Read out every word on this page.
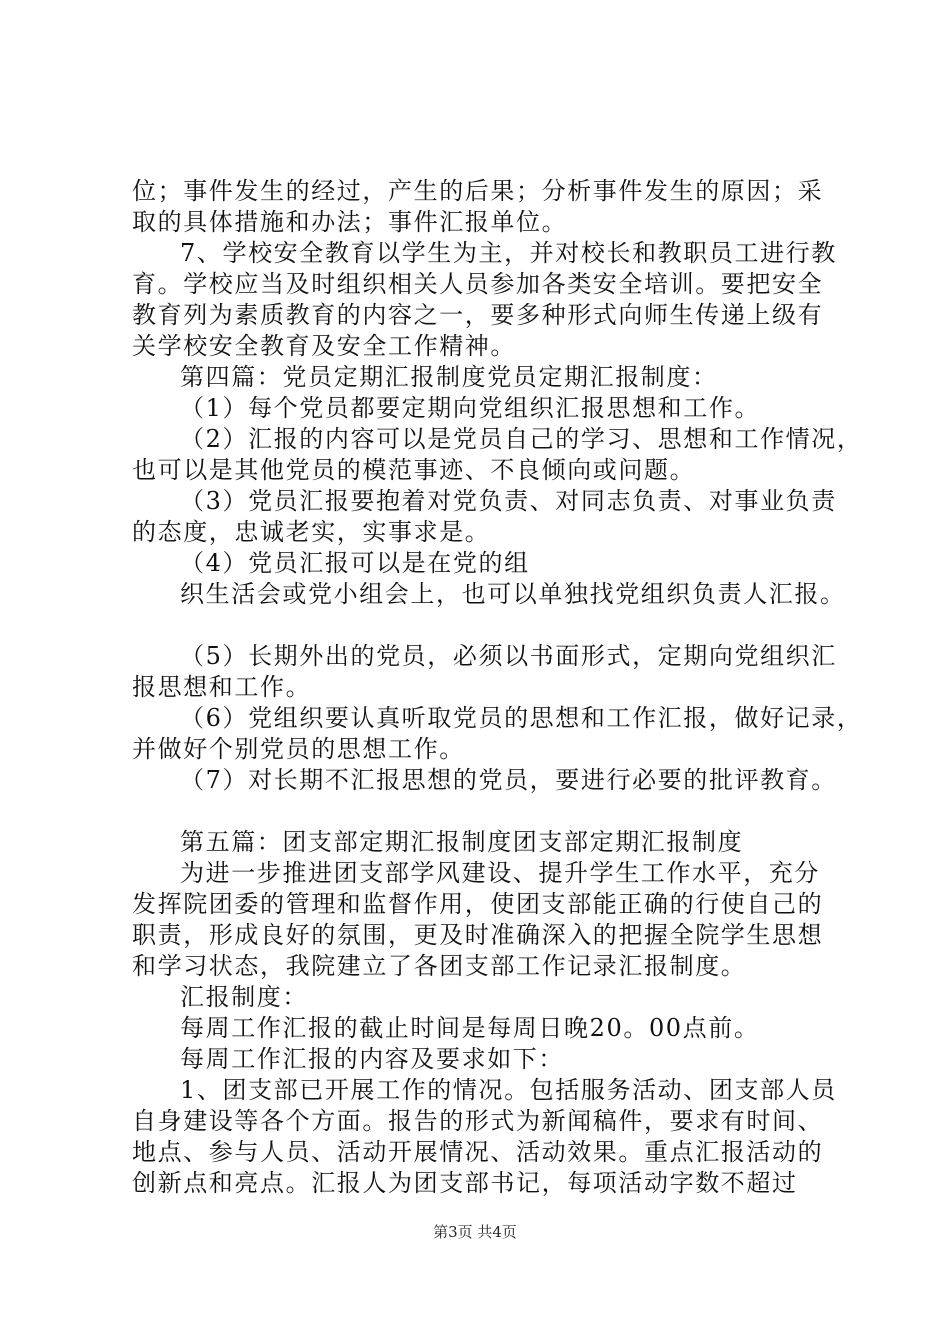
位；事件发生的经过，产生的后果；分析事件发生的原因；采
取的具体措施和办法；事件汇报单位。
7、学校安全教育以学生为主，并对校长和教职员工进行教
育。学校应当及时组织相关人员参加各类安全培训。要把安全
教育列为素质教育的内容之一，要多种形式向师生传递上级有
关学校安全教育及安全工作精神。
第四篇：党员定期汇报制度党员定期汇报制度：
（1）每个党员都要定期向党组织汇报思想和工作。
（2）汇报的内容可以是党员自己的学习、思想和工作情况，
也可以是其他党员的模范事迹、不良倾向或问题。
（3）党员汇报要抱着对党负责、对同志负责、对事业负责
的态度，忠诚老实，实事求是。
（4）党员汇报可以是在党的组
织生活会或党小组会上，也可以单独找党组织负责人汇报。
（5）长期外出的党员，必须以书面形式，定期向党组织汇
报思想和工作。
（6）党组织要认真听取党员的思想和工作汇报，做好记录，
并做好个别党员的思想工作。
（7）对长期不汇报思想的党员，要进行必要的批评教育。
第五篇：团支部定期汇报制度团支部定期汇报制度
为进一步推进团支部学风建设、提升学生工作水平，充分
发挥院团委的管理和监督作用，使团支部能正确的行使自己的
职责，形成良好的氛围，更及时准确深入的把握全院学生思想
和学习状态，我院建立了各团支部工作记录汇报制度。
汇报制度：
每周工作汇报的截止时间是每周日晚20。00点前。
每周工作汇报的内容及要求如下：
1、团支部已开展工作的情况。包括服务活动、团支部人员
自身建设等各个方面。报告的形式为新闻稿件，要求有时间、
地点、参与人员、活动开展情况、活动效果。重点汇报活动的
创新点和亮点。汇报人为团支部书记，每项活动字数不超过
第3页 共4页
